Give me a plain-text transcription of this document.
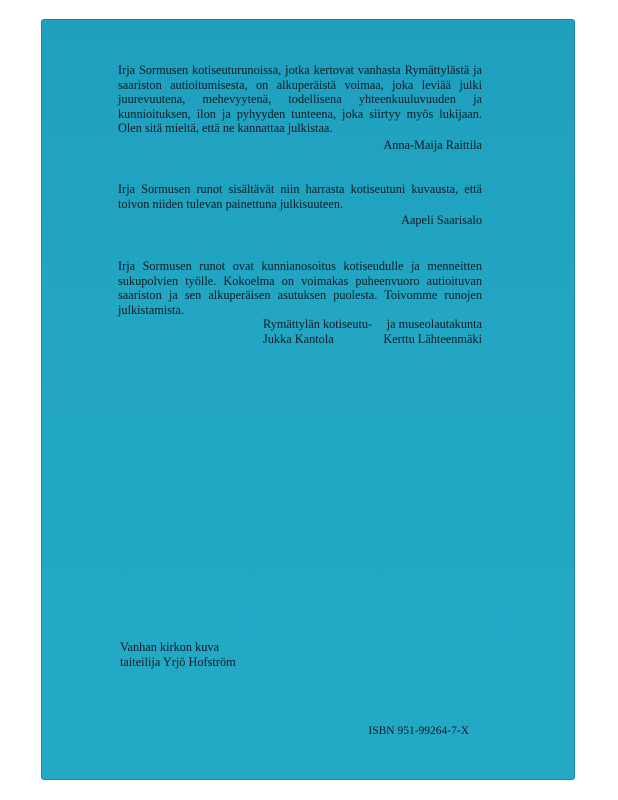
Irja Sormusen kotiseuturunoissa, jotka kertovat vanhasta Rymättylästä ja saariston autioitumisesta, on alkuperäistä voimaa, joka leviää julki juurevuutena, mehevyytenä, todellisena yhteenkuuluvuuden ja kunnioituksen, ilon ja pyhyyden tunteena, joka siirtyy myös lukijaan. Olen sitä mieltä, että ne kannattaa julkistaa.

Anna-Maija Raittila

Irja Sormusen runot sisältävät niin harrasta kotiseutuni kuvausta, että toivon niiden tulevan painettuna julkisuuteen.

Aapeli Saarisalo

Irja Sormusen runot ovat kunnianosoitus kotiseudulle ja menneitten sukupolvien työlle. Kokoelma on voimakas puheenvuoro autioituvan saariston ja sen alkuperäisen asutuksen puolesta. Toivomme runojen julkistamista.

Rymättylän kotiseutu- ja museolautakunta
Jukka Kantola	Kerttu Lähteenmäki
Vanhan kirkon kuva
taiteilija Yrjö Hofström
ISBN 951-99264-7-X
